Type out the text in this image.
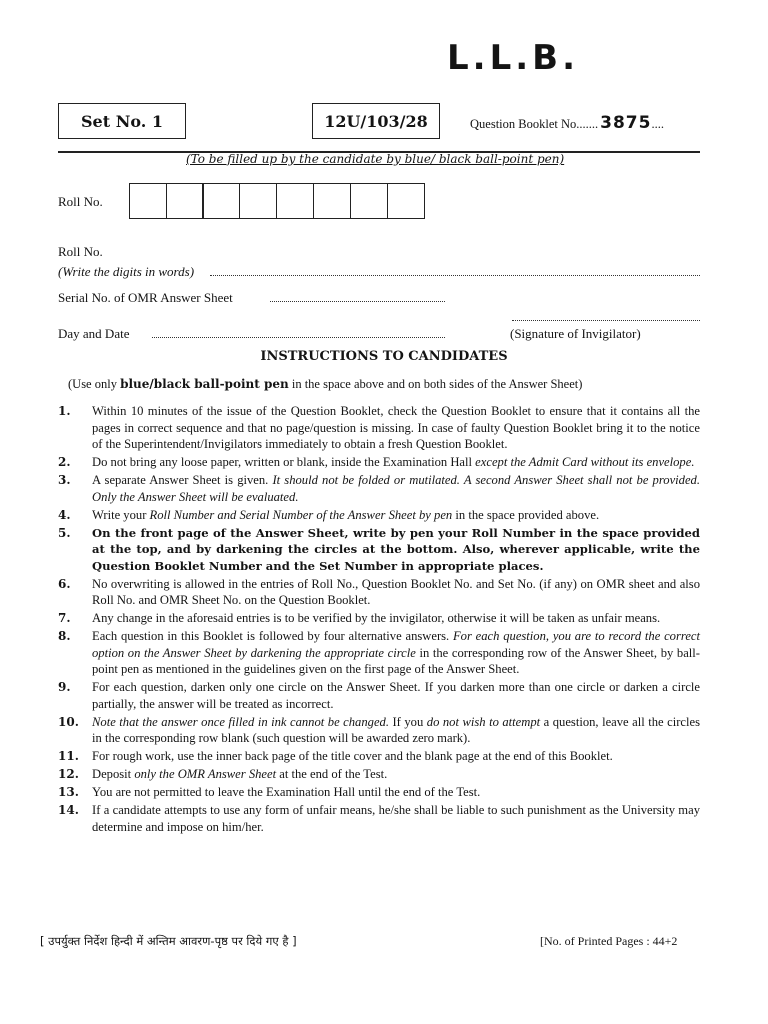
L.L.B.
Set No. 1	12U/103/28	Question Booklet No....... 3875....
(To be filled up by the candidate by blue/ black ball-point pen)
Roll No.
Roll No.
(Write the digits in words)
Serial No. of OMR Answer Sheet
Day and Date	(Signature of Invigilator)
INSTRUCTIONS TO CANDIDATES
(Use only blue/black ball-point pen in the space above and on both sides of the Answer Sheet)
1.	Within 10 minutes of the issue of the Question Booklet, check the Question Booklet to ensure that it contains all the pages in correct sequence and that no page/question is missing. In case of faulty Question Booklet bring it to the notice of the Superintendent/Invigilators immediately to obtain a fresh Question Booklet.
2.	Do not bring any loose paper, written or blank, inside the Examination Hall except the Admit Card without its envelope.
3.	A separate Answer Sheet is given. It should not be folded or mutilated. A second Answer Sheet shall not be provided. Only the Answer Sheet will be evaluated.
4.	Write your Roll Number and Serial Number of the Answer Sheet by pen in the space provided above.
5.	On the front page of the Answer Sheet, write by pen your Roll Number in the space provided at the top, and by darkening the circles at the bottom. Also, wherever applicable, write the Question Booklet Number and the Set Number in appropriate places.
6.	No overwriting is allowed in the entries of Roll No., Question Booklet No. and Set No. (if any) on OMR sheet and also Roll No. and OMR Sheet No. on the Question Booklet.
7.	Any change in the aforesaid entries is to be verified by the invigilator, otherwise it will be taken as unfair means.
8.	Each question in this Booklet is followed by four alternative answers. For each question, you are to record the correct option on the Answer Sheet by darkening the appropriate circle in the corresponding row of the Answer Sheet, by ball-point pen as mentioned in the guidelines given on the first page of the Answer Sheet.
9.	For each question, darken only one circle on the Answer Sheet. If you darken more than one circle or darken a circle partially, the answer will be treated as incorrect.
10.	Note that the answer once filled in ink cannot be changed. If you do not wish to attempt a question, leave all the circles in the corresponding row blank (such question will be awarded zero mark).
11.	For rough work, use the inner back page of the title cover and the blank page at the end of this Booklet.
12.	Deposit only the OMR Answer Sheet at the end of the Test.
13.	You are not permitted to leave the Examination Hall until the end of the Test.
14.	If a candidate attempts to use any form of unfair means, he/she shall be liable to such punishment as the University may determine and impose on him/her.
[ उपर्युक्त निर्देश हिन्दी में अन्तिम आवरण-पृष्ठ पर दिये गए है ]	[No. of Printed Pages : 44+2
